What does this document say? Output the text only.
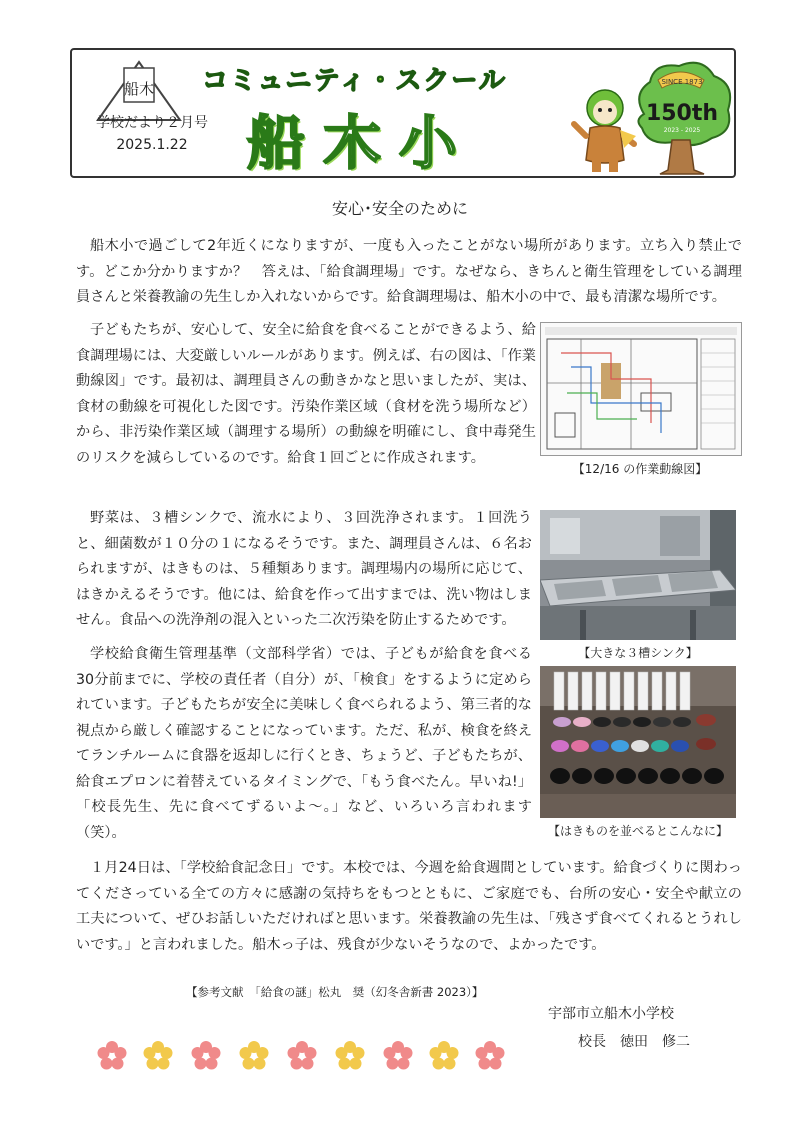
船木
学校だより２月号
2025.1.22
コミュニティ・スクール
船木小
SINCE 1873
150th
2023 - 2025
安心･安全のために

船木小で過ごして2年近くになりますが、一度も入ったことがない場所があります。立ち入り禁止です。どこか分かりますか？　答えは、「給食調理場」です。なぜなら、きちんと衛生管理をしている調理員さんと栄養教諭の先生しか入れないからです。給食調理場は、船木小の中で、最も清潔な場所です。

子どもたちが、安心して、安全に給食を食べることができるよう、給食調理場には、大変厳しいルールがあります。例えば、右の図は、「作業動線図」です。最初は、調理員さんの動きかなと思いましたが、実は、食材の動線を可視化した図です。汚染作業区域（食材を洗う場所など）から、非汚染作業区域（調理する場所）の動線を明確にし、食中毒発生のリスクを減らしているのです。給食１回ごとに作成されます。

【12/16 の作業動線図】

野菜は、３槽シンクで、流水により、３回洗浄されます。１回洗うと、細菌数が１０分の１になるそうです。また、調理員さんは、６名おられますが、はきものは、５種類あります。調理場内の場所に応じて、はきかえるそうです。他には、給食を作って出すまでは、洗い物はしません。食品への洗浄剤の混入といった二次汚染を防止するためです。

【大きな３槽シンク】

学校給食衛生管理基準（文部科学省）では、子どもが給食を食べる30分前までに、学校の責任者（自分）が、「検食」をするように定められています。子どもたちが安全に美味しく食べられるよう、第三者的な視点から厳しく確認することになっています。ただ、私が、検食を終えてランチルームに食器を返却しに行くとき、ちょうど、子どもたちが、給食エプロンに着替えているタイミングで、「もう食べたん。早いね!」「校長先生、先に食べてずるいよ～。」など、いろいろ言われます（笑）。	【はきものを並べるとこんなに】

１月24日は、「学校給食記念日」です。本校では、今週を給食週間としています。給食づくりに関わってくださっている全ての方々に感謝の気持ちをもつとともに、ご家庭でも、台所の安心・安全や献立の工夫について、ぜひお話しいただければと思います。栄養教諭の先生は、「残さず食べてくれるとうれしいです。」と言われました。船木っ子は、残食が少ないそうなので、よかったです。

【参考文献　「給食の謎」松丸　奨（幻冬舎新書 2023）】
宇部市立船木小学校
校長　徳田　修二
